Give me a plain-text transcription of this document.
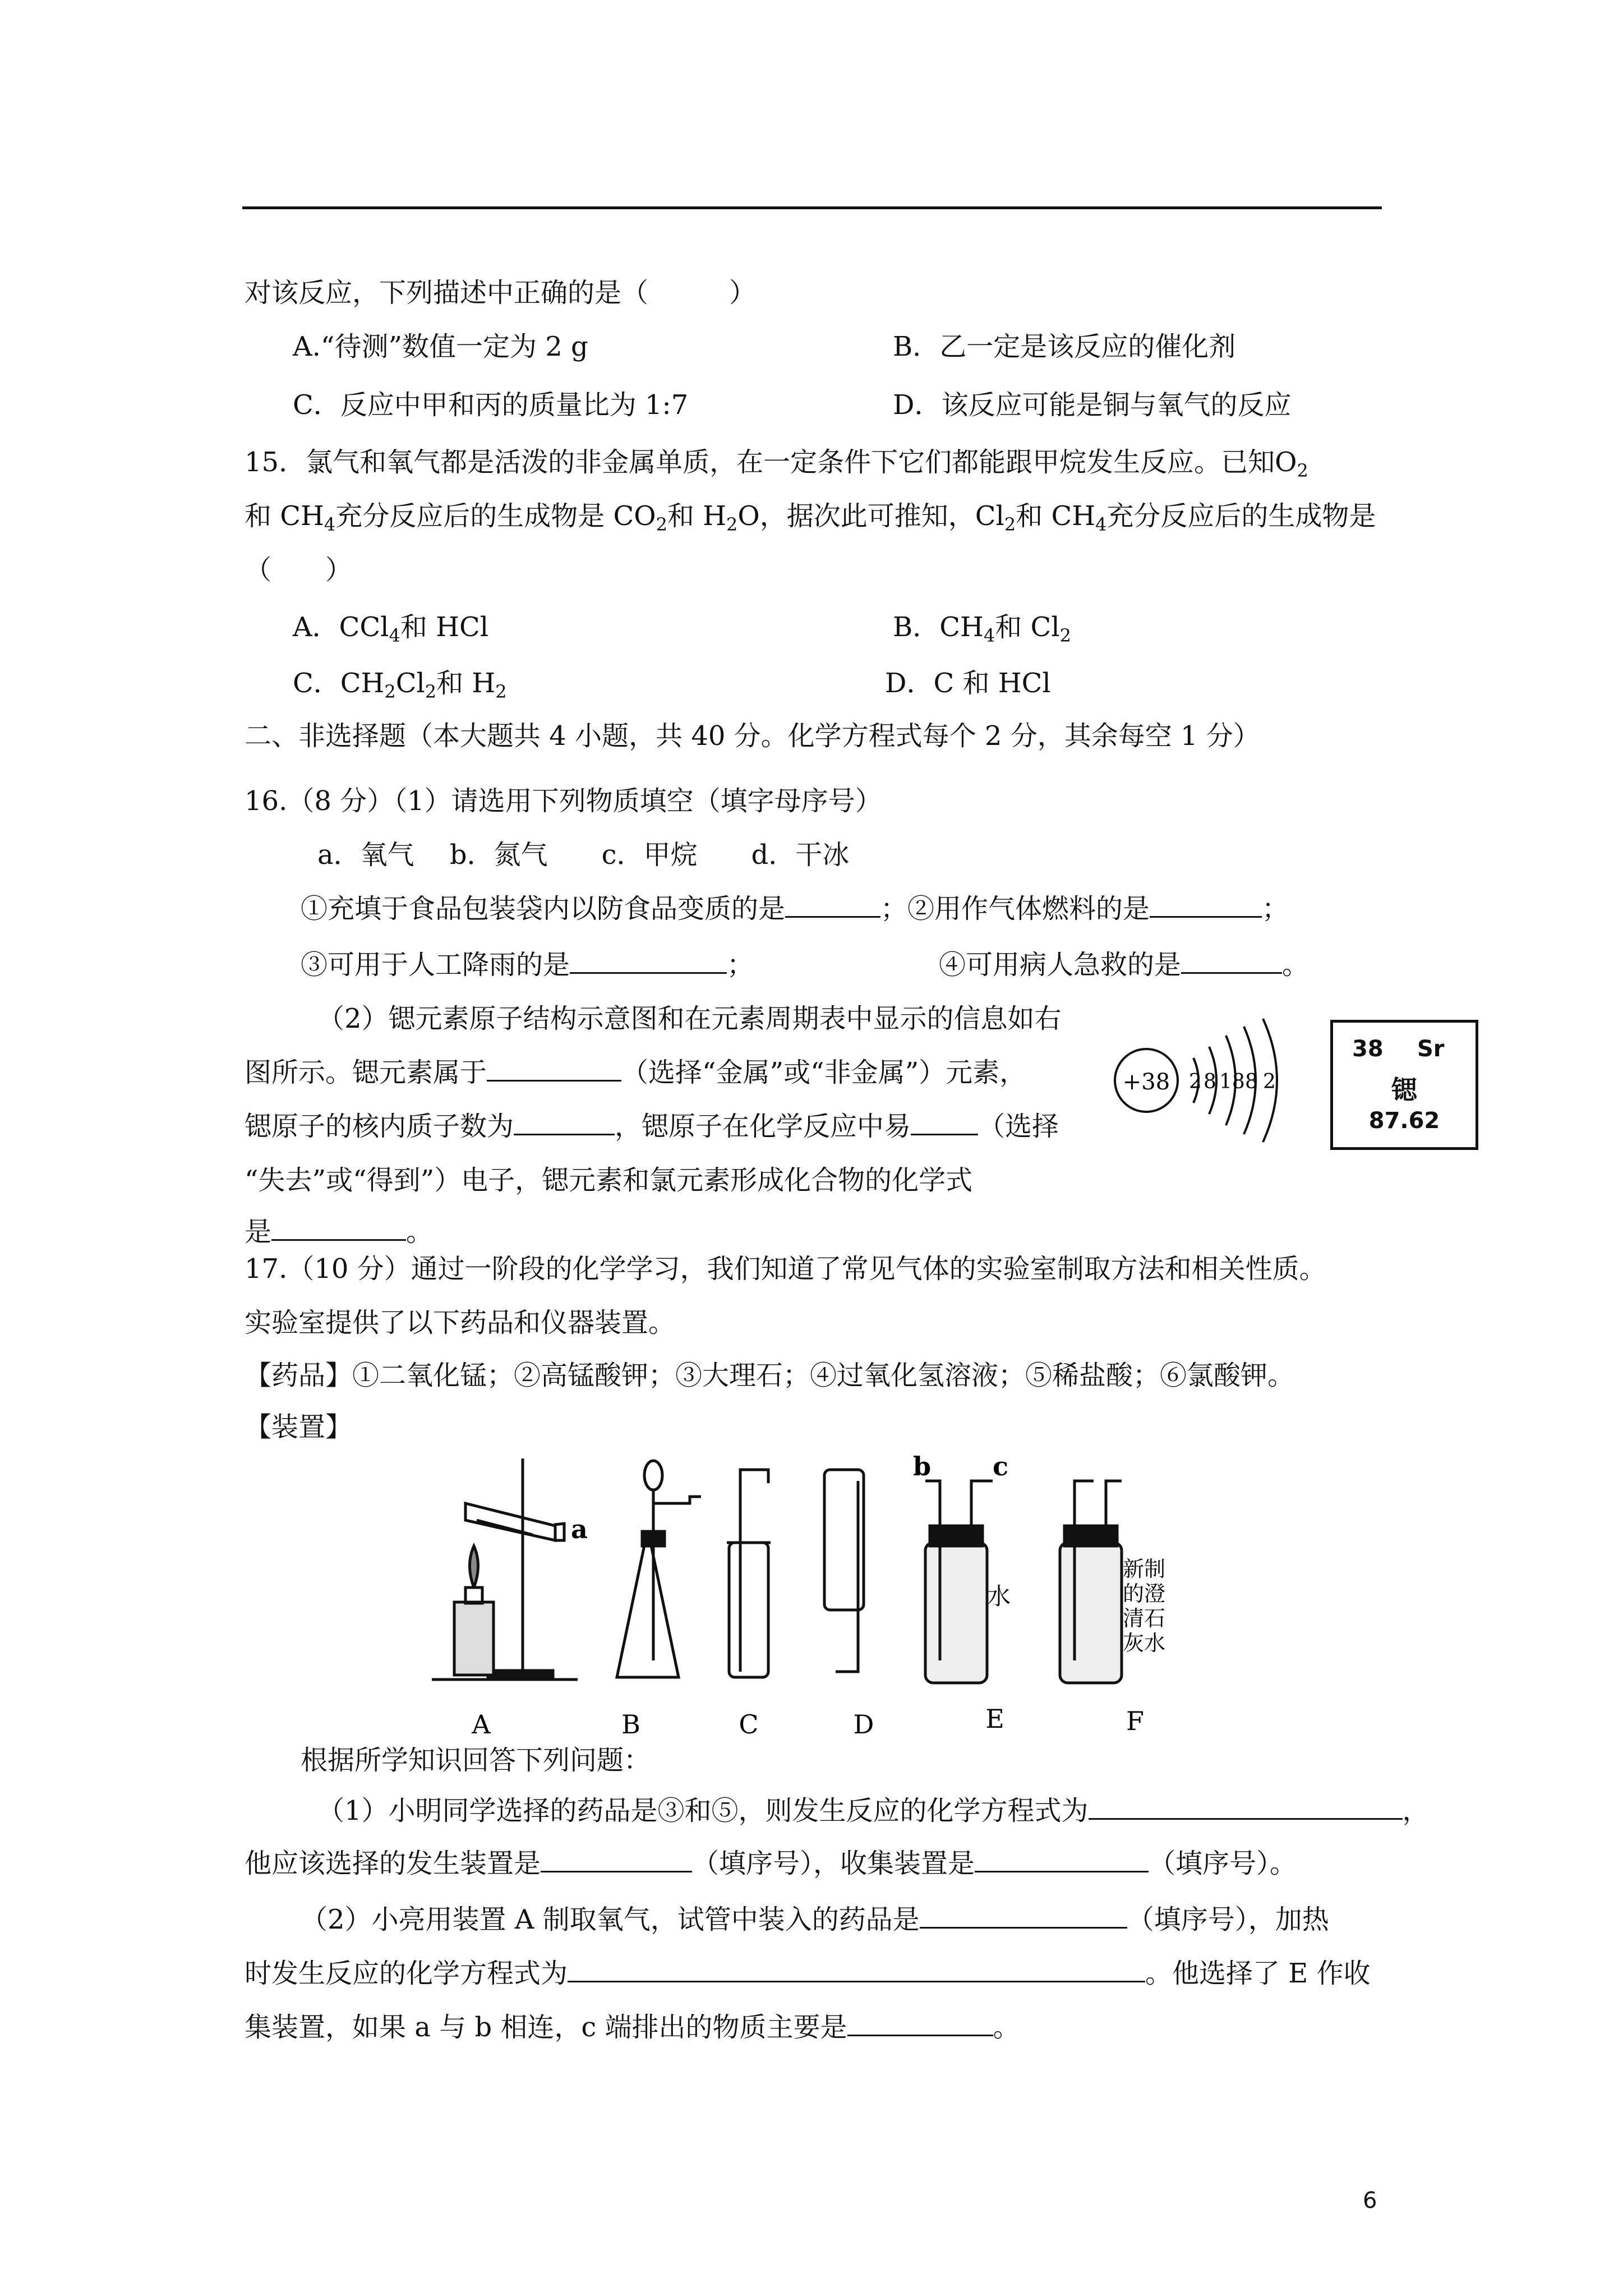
对该反应，下列描述中正确的是（　　　）
A.“待测”数值一定为 2 g	B．乙一定是该反应的催化剂
C．反应中甲和丙的质量比为 1:7	D．该反应可能是铜与氧气的反应
15．氯气和氧气都是活泼的非金属单质，在一定条件下它们都能跟甲烷发生反应。已知$O_2$
和 $CH_4$充分反应后的生成物是 $CO_2$和 $H_2O$，据次此可推知，$Cl_2$和 $CH_4$充分反应后的生成物是
（　　）
A．CCl$_4$和 HCl	B．$CH_4$和 $Cl_2$
C．$CH_2Cl_2$和 $H_2$	D．C 和 HCl
二、非选择题（本大题共 4 小题，共 40 分。化学方程式每个 2 分，其余每空 1 分）
16.（8 分）（1）请选用下列物质填空（填字母序号）
a．氧气　 b．氮气　　c．甲烷　　d．干冰
①充填于食品包装袋内以防食品变质的是	；②用作气体燃料的是	；
③可用于人工降雨的是	；	④可用病人急救的是	。
（2）锶元素原子结构示意图和在元素周期表中显示的信息如右
图所示。锶元素属于	（选择“金属”或“非金属”）元素，
锶原子的核内质子数为	，锶原子在化学反应中易	（选择
“失去”或“得到”）电子，锶元素和氯元素形成化合物的化学式
是	。
+38 2 8 18 8 2
38 Sr
锶
87.62
17.（10 分）通过一阶段的化学学习，我们知道了常见气体的实验室制取方法和相关性质。
实验室提供了以下药品和仪器装置。
【药品】①二氧化锰；②高锰酸钾；③大理石；④过氧化氢溶液；⑤稀盐酸；⑥氯酸钾。
【装置】
a
b c
水
新制
的澄
清石
灰水
A	B	C	D	E	F
根据所学知识回答下列问题：
（1）小明同学选择的药品是③和⑤，则发生反应的化学方程式为	，
他应该选择的发生装置是	（填序号），收集装置是	（填序号）。
（2）小亮用装置 A 制取氧气，试管中装入的药品是	（填序号），加热
时发生反应的化学方程式为	。他选择了 E 作收
集装置，如果 a 与 b 相连，c 端排出的物质主要是	。
6
